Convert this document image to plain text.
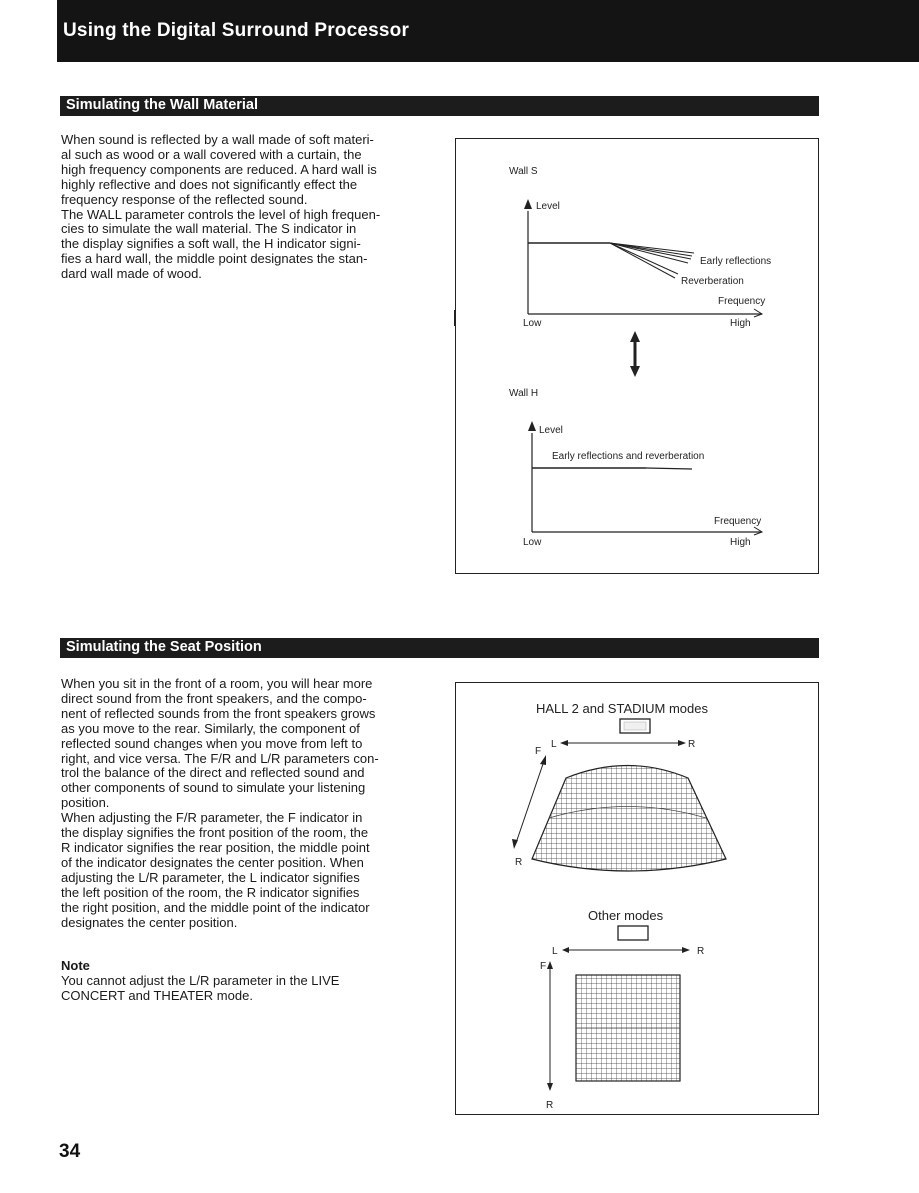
Using the Digital Surround Processor
Simulating the Wall Material

When sound is reflected by a wall made of soft materi-

al such as wood or a wall covered with a curtain, the

high frequency components are reduced. A hard wall is

highly reflective and does not significantly effect the

frequency response of the reflected sound.

The WALL parameter controls the level of high frequen-

cies to simulate the wall material. The S indicator in

the display signifies a soft wall, the H indicator signi-

fies a hard wall, the middle point designates the stan-

dard wall made of wood.

Wall S
Level
Early reflections
Reverberation
Frequency
Low	High
Wall H
Level
Early reflections and reverberation
Frequency
Low	High
Simulating the Seat Position

When you sit in the front of a room, you will hear more

direct sound from the front speakers, and the compo-

nent of reflected sounds from the front speakers grows

as you move to the rear. Similarly, the component of

reflected sound changes when you move from left to

right, and vice versa. The F/R and L/R parameters con-

trol the balance of the direct and reflected sound and

other components of sound to simulate your listening

position.

When adjusting the F/R parameter, the F indicator in

the display signifies the front position of the room, the

R indicator signifies the rear position, the middle point

of the indicator designates the center position. When

adjusting the L/R parameter, the L indicator signifies

the left position of the room, the R indicator signifies

the right position, and the middle point of the indicator

designates the center position.

Note

You cannot adjust the L/R parameter in the LIVE

CONCERT and THEATER mode.

HALL 2 and STADIUM modes
L	R
F
R
Other modes
L	R
F
R
34
